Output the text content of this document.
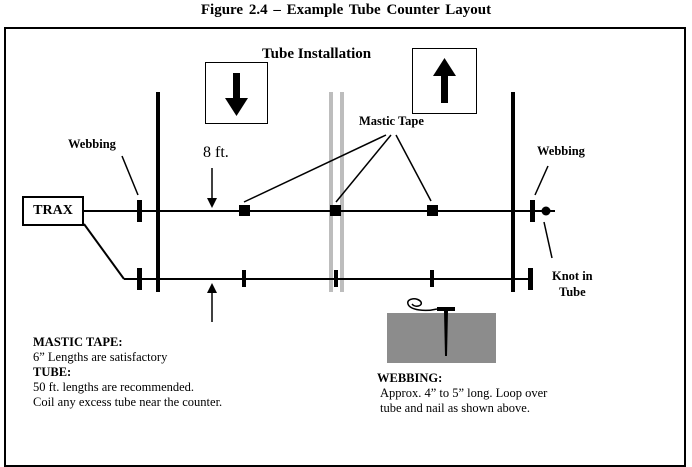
Figure 2.4 – Example Tube Counter Layout
Tube Installation
Webbing	Webbing
8 ft.
Mastic Tape
TRAX
Knot in
Tube
MASTIC TAPE:
6” Lengths are satisfactory
TUBE:
50 ft. lengths are recommended.
Coil any excess tube near the counter.
WEBBING:
Approx. 4” to 5” long. Loop over
tube and nail as shown above.
